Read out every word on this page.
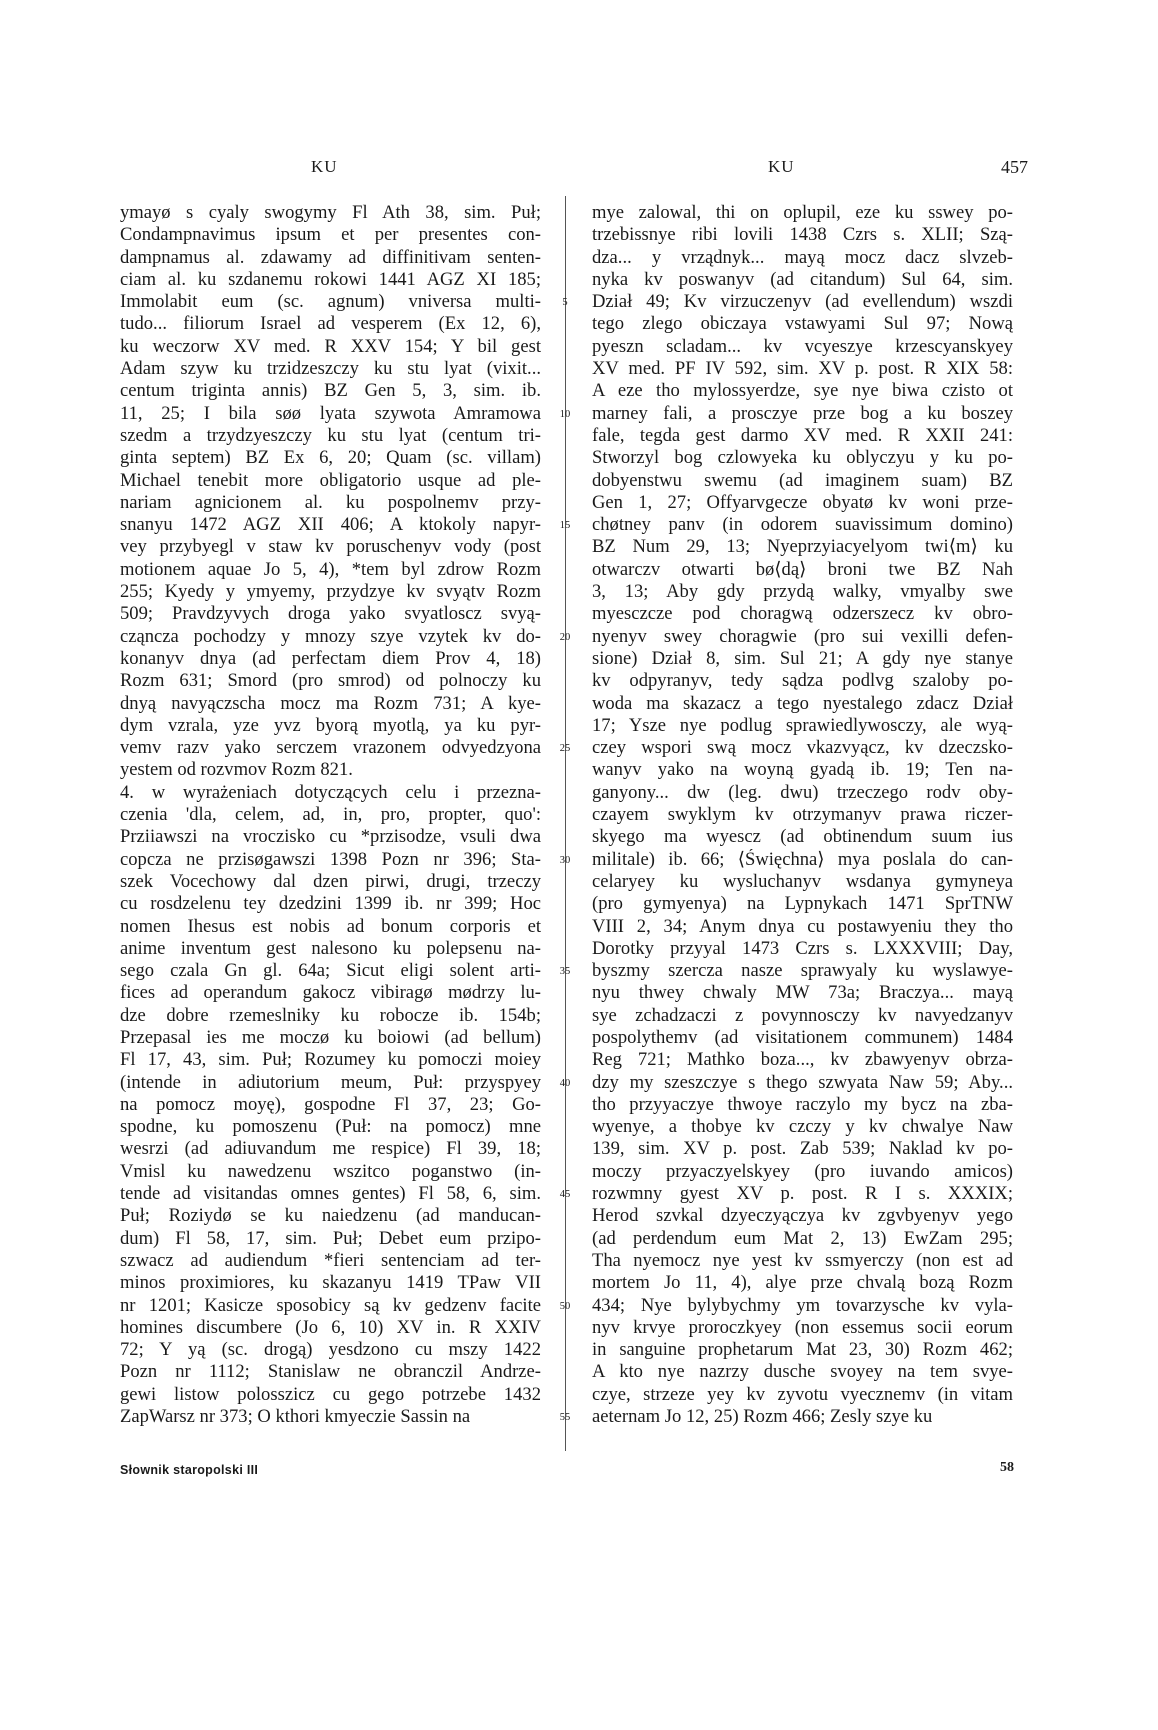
KU	KU	457
ymayø s cyaly swogymy Fl Ath 38, sim. Puł;
Condampnavimus ipsum et per presentes con-
dampnamus al. zdawamy ad diffinitivam senten-
ciam al. ku szdanemu rokowi 1441 AGZ XI 185;
Immolabit eum (sc. agnum) vniversa multi-
tudo... filiorum Israel ad vesperem (Ex 12, 6),
ku weczorw XV med. R XXV 154; Y bil gest
Adam szyw ku trzidzeszczy ku stu lyat (vixit...
centum triginta annis) BZ Gen 5, 3, sim. ib.
11, 25; I bila søø lyata szywota Amramowa
szedm a trzydzyeszczy ku stu lyat (centum tri-
ginta septem) BZ Ex 6, 20; Quam (sc. villam)
Michael tenebit more obligatorio usque ad ple-
nariam agnicionem al. ku pospolnemv przy-
snanyu 1472 AGZ XII 406; A ktokoly napyr-
vey przybyegl v staw kv poruschenyv vody (post
motionem aquae Jo 5, 4), *tem byl zdrow Rozm
255; Kyedy y ymyemy, przydzye kv svyątv Rozm
509; Pravdzyvych droga yako svyatloscz svyą-
cząncza pochodzy y mnozy szye vzytek kv do-
konanyv dnya (ad perfectam diem Prov 4, 18)
Rozm 631; Smord (pro smrod) od polnoczy ku
dnyą navyączscha mocz ma Rozm 731; A kye-
dym vzrala, yze yvz byorą myotlą, ya ku pyr-
vemv razv yako serczem vrazonem odvyedzyona
yestem od rozvmov Rozm 821.
4. w wyrażeniach dotyczących celu i przezna-
czenia 'dla, celem, ad, in, pro, propter, quo':
Prziiawszi na vroczisko cu *przisodze, vsuli dwa
copcza ne przisøgawszi 1398 Pozn nr 396; Sta-
szek Vocechowy dal dzen pirwi, drugi, trzeczy
cu rosdzelenu tey dzedzini 1399 ib. nr 399; Hoc
nomen Ihesus est nobis ad bonum corporis et
anime inventum gest nalesono ku polepsenu na-
sego czala Gn gl. 64a; Sicut eligi solent arti-
fices ad operandum gakocz vibiragø mødrzy lu-
dze dobre rzemeslniky ku robocze ib. 154b;
Przepasal ies me moczø ku boiowi (ad bellum)
Fl 17, 43, sim. Puł; Rozumey ku pomoczi moiey
(intende in adiutorium meum, Puł: przyspyey
na pomocz moyę), gospodne Fl 37, 23; Go-
spodne, ku pomoszenu (Puł: na pomocz) mne
wesrzi (ad adiuvandum me respice) Fl 39, 18;
Vmisl ku nawedzenu wszitco poganstwo (in-
tende ad visitandas omnes gentes) Fl 58, 6, sim.
Puł; Roziydø se ku naiedzenu (ad manducan-
dum) Fl 58, 17, sim. Puł; Debet eum przipo-
szwacz ad audiendum *fieri sentenciam ad ter-
minos proximiores, ku skazanyu 1419 TPaw VII
nr 1201; Kasicze sposobicy są kv gedzenv facite
homines discumbere (Jo 6, 10) XV in. R XXIV
72; Y yą (sc. drogą) yesdzono cu mszy 1422
Pozn nr 1112; Stanislaw ne obranczil Andrze-
gewi listow polosszicz cu gego potrzebe 1432
ZapWarsz nr 373; O kthori kmyeczie Sassin na
5
10
15
20
25
30
35
40
45
50
55
mye zalowal, thi on oplupil, eze ku sswey po-
trzebissnye ribi lovili 1438 Czrs s. XLII; Szą-
dza... y vrządnyk... mayą mocz dacz slvzeb-
nyka kv poswanyv (ad citandum) Sul 64, sim.
Dział 49; Kv virzuczenyv (ad evellendum) wszdi
tego zlego obiczaya vstawyami Sul 97; Nową
pyeszn scladam... kv vcyeszye krzescyanskyey
XV med. PF IV 592, sim. XV p. post. R XIX 58:
A eze tho mylossyerdze, sye nye biwa czisto ot
marney fali, a prosczye prze bog a ku boszey
fale, tegda gest darmo XV med. R XXII 241:
Stworzyl bog czlowyeka ku oblyczyu y ku po-
dobyenstwu swemu (ad imaginem suam) BZ
Gen 1, 27; Offyarvgecze obyatø kv woni prze-
chøtney panv (in odorem suavissimum domino)
BZ Num 29, 13; Nyeprzyiacyelyom twi⟨m⟩ ku
otwarczv otwarti bø⟨dą⟩ broni twe BZ Nah
3, 13; Aby gdy przydą walky, vmyalby swe
myesczcze pod choragwą odzerszecz kv obro-
nyenyv swey choragwie (pro sui vexilli defen-
sione) Dział 8, sim. Sul 21; A gdy nye stanye
kv odpyranyv, tedy sądza podlvg szaloby po-
woda ma skazacz a tego nyestalego zdacz Dział
17; Ysze nye podlug sprawiedlywosczy, ale wyą-
czey wspori swą mocz vkazvyącz, kv dzeczsko-
wanyv yako na woyną gyadą ib. 19; Ten na-
ganyony... dw (leg. dwu) trzeczego rodv oby-
czayem swyklym kv otrzymanyv prawa riczer-
skyego ma wyescz (ad obtinendum suum ius
militale) ib. 66; ⟨Święchna⟩ mya poslala do can-
celaryey ku wysluchanyv wsdanya gymyneya
(pro gymyenya) na Lypnykach 1471 SprTNW
VIII 2, 34; Anym dnya cu postawyeniu they tho
Dorotky przyyal 1473 Czrs s. LXXXVIII; Day,
byszmy szercza nasze sprawyaly ku wyslawye-
nyu thwey chwaly MW 73a; Braczya... mayą
sye zchadzaczi z povynnosczy kv navyedzanyv
pospolythemv (ad visitationem communem) 1484
Reg 721; Mathko boza..., kv zbawyenyv obrza-
dzy my szeszczye s thego szwyata Naw 59; Aby...
tho przyyaczye thwoye raczylo my bycz na zba-
wyenye, a thobye kv czczy y kv chwalye Naw
139, sim. XV p. post. Zab 539; Naklad kv po-
moczy przyaczyelskyey (pro iuvando amicos)
rozwmny gyest XV p. post. R I s. XXXIX;
Herod szvkal dzyeczyączya kv zgvbyenyv yego
(ad perdendum eum Mat 2, 13) EwZam 295;
Tha nyemocz nye yest kv ssmyerczy (non est ad
mortem Jo 11, 4), alye prze chvalą bozą Rozm
434; Nye bylybychmy ym tovarzysche kv vyla-
nyv krvye proroczkyey (non essemus socii eorum
in sanguine prophetarum Mat 23, 30) Rozm 462;
A kto nye nazrzy dusche svoyey na tem svye-
czye, strzeze yey kv zyvotu vyecznemv (in vitam
aeternam Jo 12, 25) Rozm 466; Zesly szye ku
Słownik staropolski III	58
